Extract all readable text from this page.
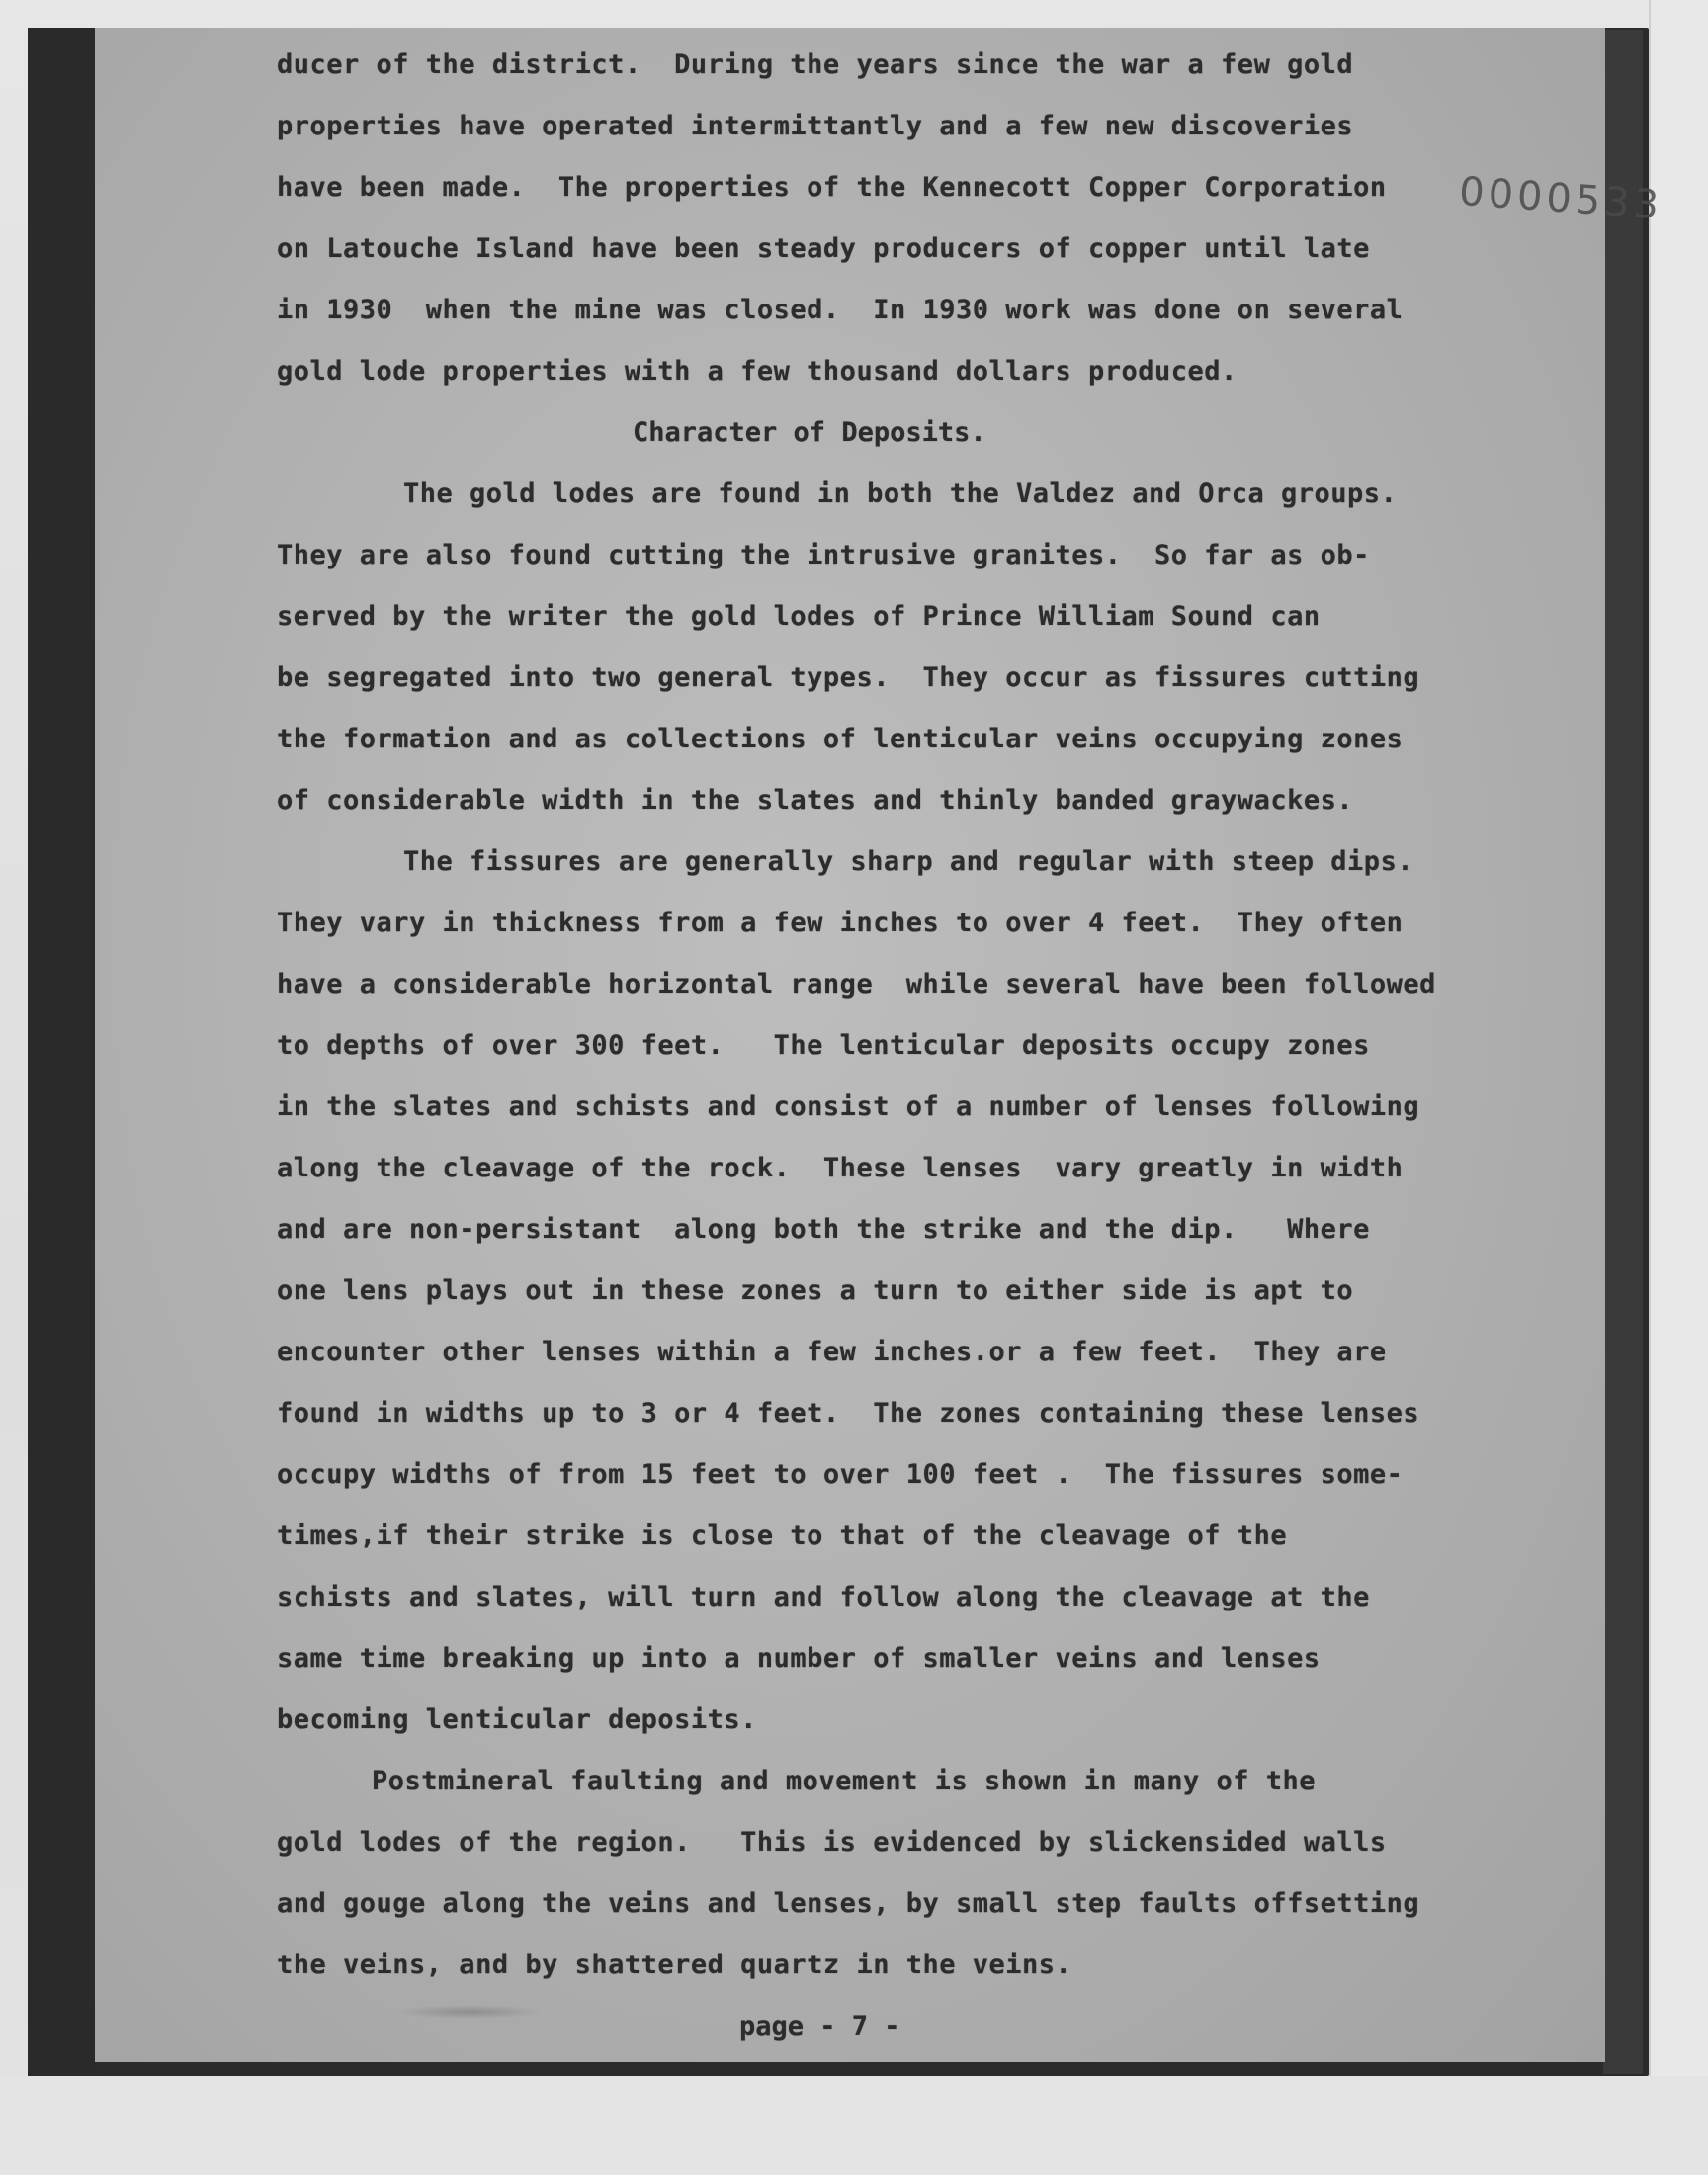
0000533
ducer of the district.  During the years since the war a few gold
properties have operated intermittantly and a few new discoveries
have been made.  The properties of the Kennecott Copper Corporation
on Latouche Island have been steady producers of copper until late
in 1930  when the mine was closed.  In 1930 work was done on several
gold lode properties with a few thousand dollars produced.
Character of Deposits.
The gold lodes are found in both the Valdez and Orca groups.
They are also found cutting the intrusive granites.  So far as ob-
served by the writer the gold lodes of Prince William Sound can
be segregated into two general types.  They occur as fissures cutting
the formation and as collections of lenticular veins occupying zones
of considerable width in the slates and thinly banded graywackes.
The fissures are generally sharp and regular with steep dips.
They vary in thickness from a few inches to over 4 feet.  They often
have a considerable horizontal range  while several have been followed
to depths of over 300 feet.   The lenticular deposits occupy zones
in the slates and schists and consist of a number of lenses following
along the cleavage of the rock.  These lenses  vary greatly in width
and are non-persistant  along both the strike and the dip.   Where
one lens plays out in these zones a turn to either side is apt to
encounter other lenses within a few inches.or a few feet.  They are
found in widths up to 3 or 4 feet.  The zones containing these lenses
occupy widths of from 15 feet to over 100 feet .  The fissures some-
times,if their strike is close to that of the cleavage of the
schists and slates, will turn and follow along the cleavage at the
same time breaking up into a number of smaller veins and lenses
becoming lenticular deposits.
Postmineral faulting and movement is shown in many of the
gold lodes of the region.   This is evidenced by slickensided walls
and gouge along the veins and lenses, by small step faults offsetting
the veins, and by shattered quartz in the veins.
page - 7 -
